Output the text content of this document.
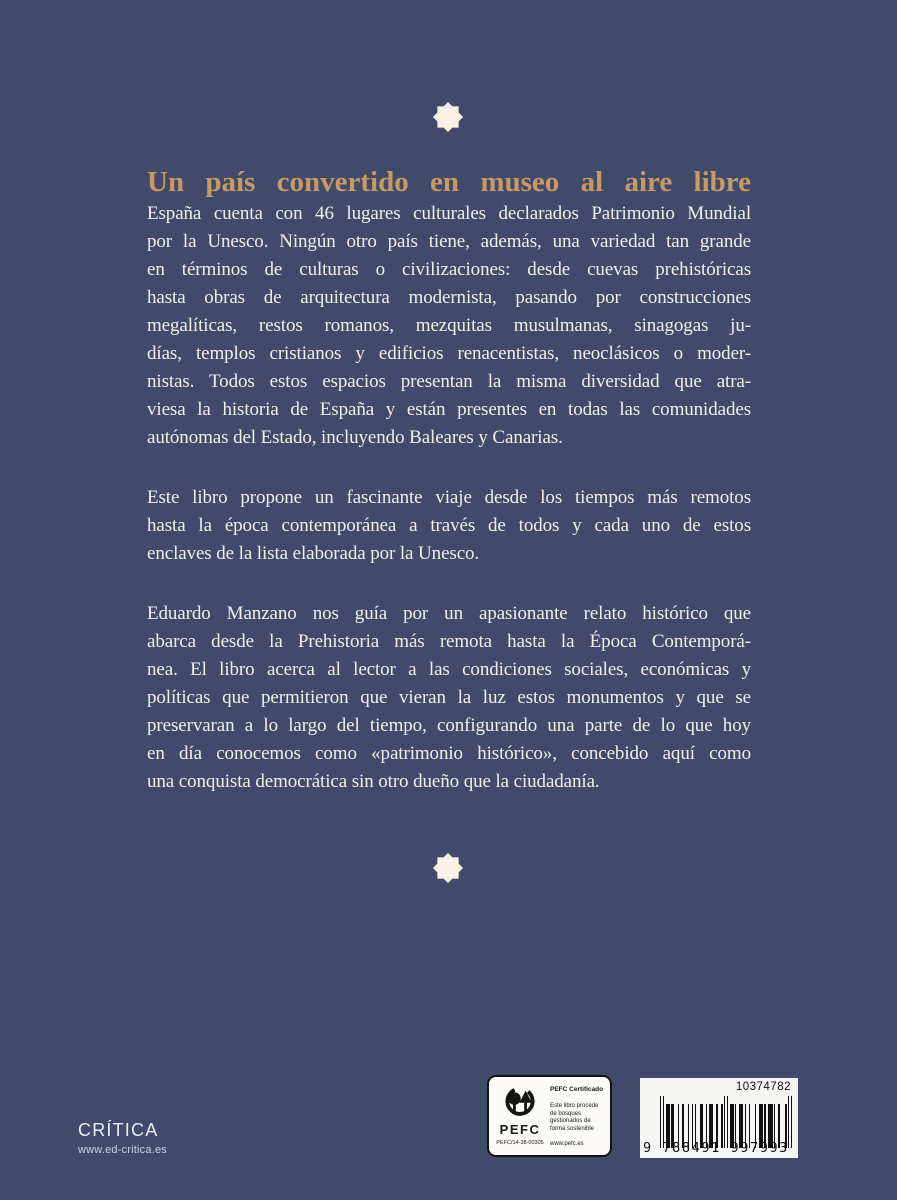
Un país convertido en museo al aire libre
España cuenta con 46 lugares culturales declarados Patrimonio Mundial
por la Unesco. Ningún otro país tiene, además, una variedad tan grande
en términos de culturas o civilizaciones: desde cuevas prehistóricas
hasta obras de arquitectura modernista, pasando por construcciones
megalíticas, restos romanos, mezquitas musulmanas, sinagogas ju-
días, templos cristianos y edificios renacentistas, neoclásicos o moder-
nistas. Todos estos espacios presentan la misma diversidad que atra-
viesa la historia de España y están presentes en todas las comunidades
autónomas del Estado, incluyendo Baleares y Canarias.
Este libro propone un fascinante viaje desde los tiempos más remotos
hasta la época contemporánea a través de todos y cada uno de estos
enclaves de la lista elaborada por la Unesco.
Eduardo Manzano nos guía por un apasionante relato histórico que
abarca desde la Prehistoria más remota hasta la Época Contemporá-
nea. El libro acerca al lector a las condiciones sociales, económicas y
políticas que permitieron que vieran la luz estos monumentos y que se
preservaran a lo largo del tiempo, configurando una parte de lo que hoy
en día conocemos como «patrimonio histórico», concebido aquí como
una conquista democrática sin otro dueño que la ciudadanía.
CRÍTICA
www.ed-critica.es
PEFC
PEFC/14-38-00305
PEFC Certificado
Este libro procede de bosques gestionados de forma sostenible
www.pefc.es
10374782
9 788491 997993
